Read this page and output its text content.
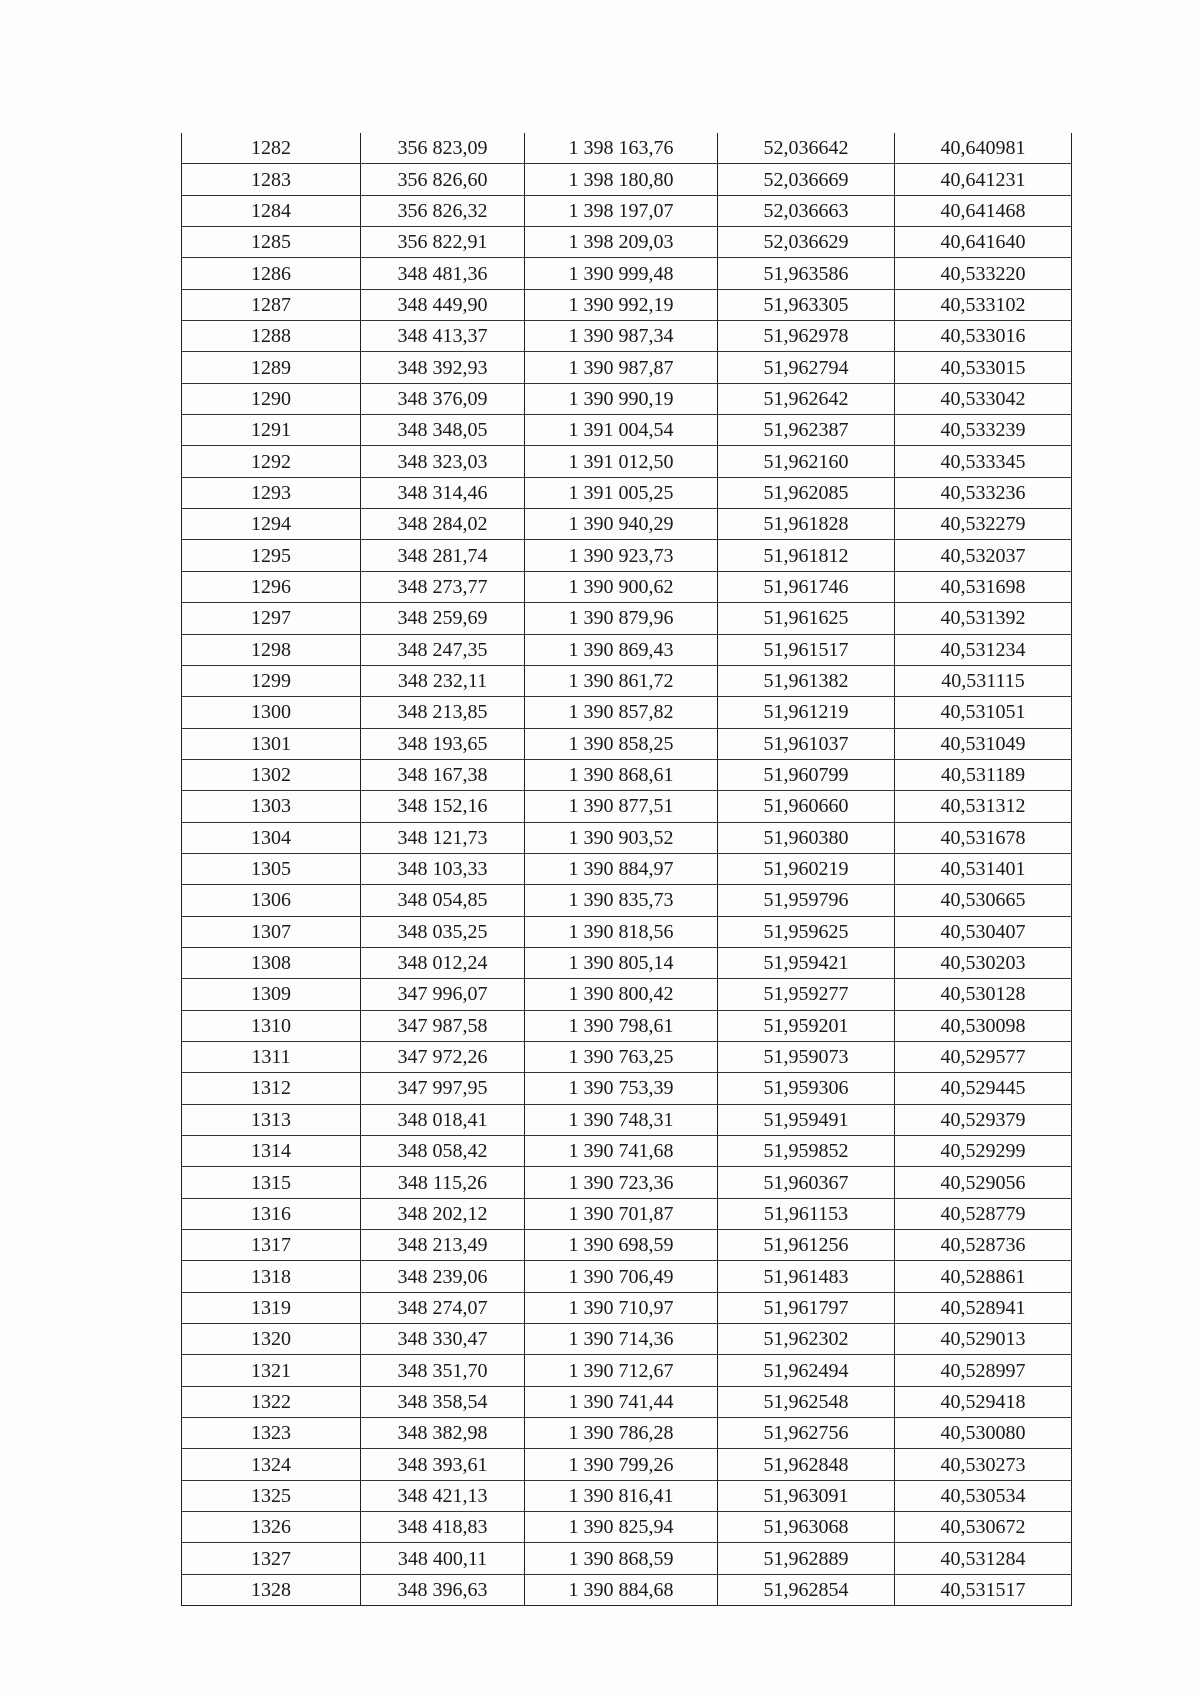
1282	356 823,09	1 398 163,76	52,036642	40,640981
1283	356 826,60	1 398 180,80	52,036669	40,641231
1284	356 826,32	1 398 197,07	52,036663	40,641468
1285	356 822,91	1 398 209,03	52,036629	40,641640
1286	348 481,36	1 390 999,48	51,963586	40,533220
1287	348 449,90	1 390 992,19	51,963305	40,533102
1288	348 413,37	1 390 987,34	51,962978	40,533016
1289	348 392,93	1 390 987,87	51,962794	40,533015
1290	348 376,09	1 390 990,19	51,962642	40,533042
1291	348 348,05	1 391 004,54	51,962387	40,533239
1292	348 323,03	1 391 012,50	51,962160	40,533345
1293	348 314,46	1 391 005,25	51,962085	40,533236
1294	348 284,02	1 390 940,29	51,961828	40,532279
1295	348 281,74	1 390 923,73	51,961812	40,532037
1296	348 273,77	1 390 900,62	51,961746	40,531698
1297	348 259,69	1 390 879,96	51,961625	40,531392
1298	348 247,35	1 390 869,43	51,961517	40,531234
1299	348 232,11	1 390 861,72	51,961382	40,531115
1300	348 213,85	1 390 857,82	51,961219	40,531051
1301	348 193,65	1 390 858,25	51,961037	40,531049
1302	348 167,38	1 390 868,61	51,960799	40,531189
1303	348 152,16	1 390 877,51	51,960660	40,531312
1304	348 121,73	1 390 903,52	51,960380	40,531678
1305	348 103,33	1 390 884,97	51,960219	40,531401
1306	348 054,85	1 390 835,73	51,959796	40,530665
1307	348 035,25	1 390 818,56	51,959625	40,530407
1308	348 012,24	1 390 805,14	51,959421	40,530203
1309	347 996,07	1 390 800,42	51,959277	40,530128
1310	347 987,58	1 390 798,61	51,959201	40,530098
1311	347 972,26	1 390 763,25	51,959073	40,529577
1312	347 997,95	1 390 753,39	51,959306	40,529445
1313	348 018,41	1 390 748,31	51,959491	40,529379
1314	348 058,42	1 390 741,68	51,959852	40,529299
1315	348 115,26	1 390 723,36	51,960367	40,529056
1316	348 202,12	1 390 701,87	51,961153	40,528779
1317	348 213,49	1 390 698,59	51,961256	40,528736
1318	348 239,06	1 390 706,49	51,961483	40,528861
1319	348 274,07	1 390 710,97	51,961797	40,528941
1320	348 330,47	1 390 714,36	51,962302	40,529013
1321	348 351,70	1 390 712,67	51,962494	40,528997
1322	348 358,54	1 390 741,44	51,962548	40,529418
1323	348 382,98	1 390 786,28	51,962756	40,530080
1324	348 393,61	1 390 799,26	51,962848	40,530273
1325	348 421,13	1 390 816,41	51,963091	40,530534
1326	348 418,83	1 390 825,94	51,963068	40,530672
1327	348 400,11	1 390 868,59	51,962889	40,531284
1328	348 396,63	1 390 884,68	51,962854	40,531517
